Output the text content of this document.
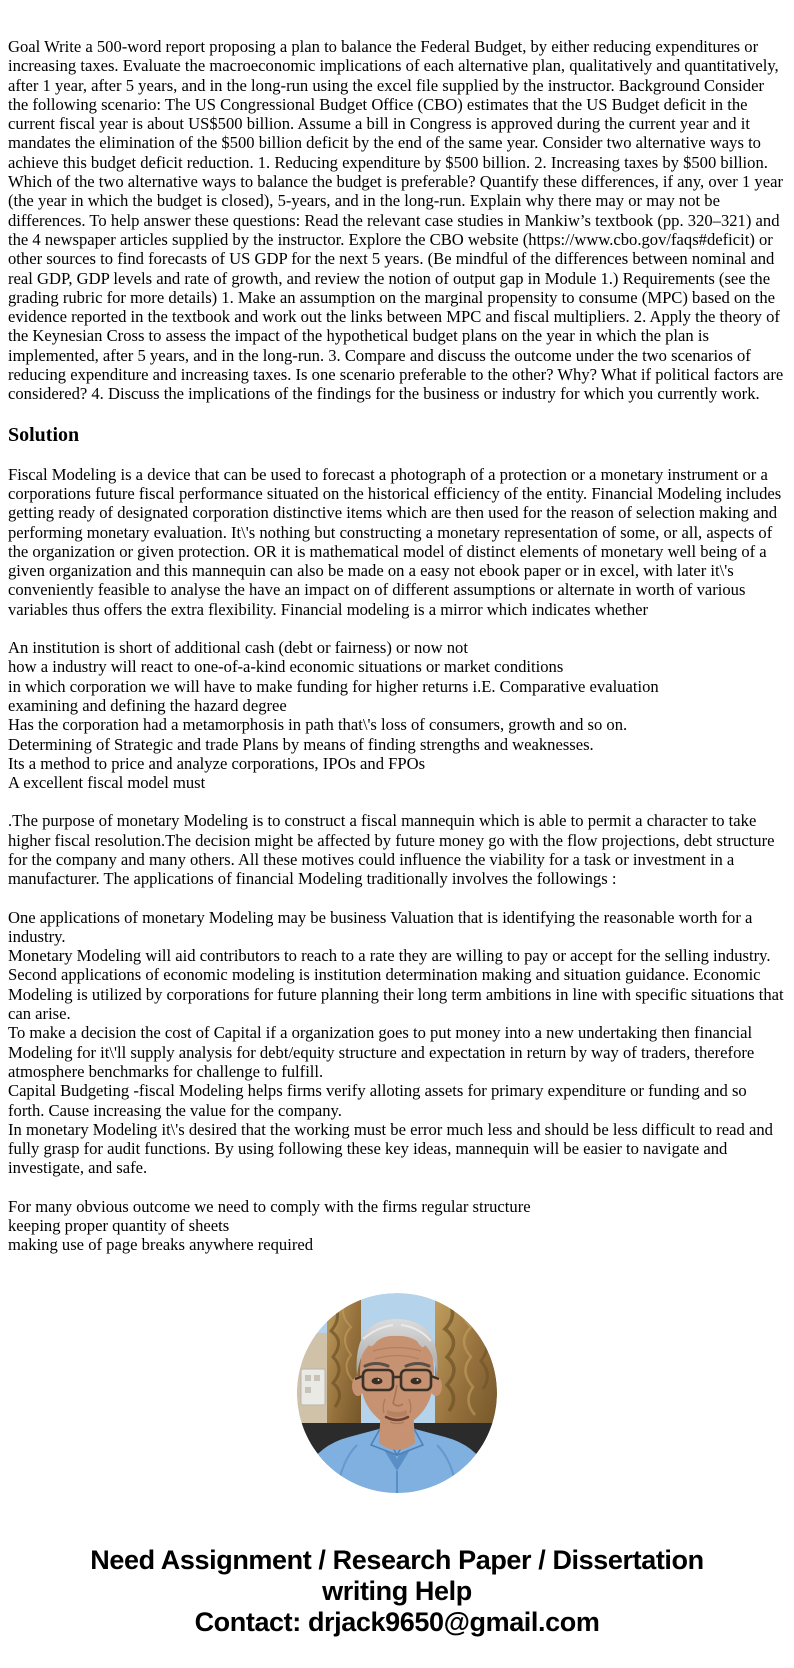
Goal Write a 500-word report proposing a plan to balance the Federal Budget, by either reducing expenditures or increasing taxes. Evaluate the macroeconomic implications of each alternative plan, qualitatively and quantitatively, after 1 year, after 5 years, and in the long-run using the excel file supplied by the instructor. Background Consider the following scenario: The US Congressional Budget Office (CBO) estimates that the US Budget deficit in the current fiscal year is about US$500 billion. Assume a bill in Congress is approved during the current year and it mandates the elimination of the $500 billion deficit by the end of the same year. Consider two alternative ways to achieve this budget deficit reduction. 1. Reducing expenditure by $500 billion. 2. Increasing taxes by $500 billion. Which of the two alternative ways to balance the budget is preferable? Quantify these differences, if any, over 1 year (the year in which the budget is closed), 5-years, and in the long-run. Explain why there may or may not be differences. To help answer these questions: Read the relevant case studies in Mankiw’s textbook (pp. 320–321) and the 4 newspaper articles supplied by the instructor. Explore the CBO website (https://www.cbo.gov/faqs#deficit) or other sources to find forecasts of US GDP for the next 5 years. (Be mindful of the differences between nominal and real GDP, GDP levels and rate of growth, and review the notion of output gap in Module 1.) Requirements (see the grading rubric for more details) 1. Make an assumption on the marginal propensity to consume (MPC) based on the evidence reported in the textbook and work out the links between MPC and fiscal multipliers. 2. Apply the theory of the Keynesian Cross to assess the impact of the hypothetical budget plans on the year in which the plan is implemented, after 5 years, and in the long-run. 3. Compare and discuss the outcome under the two scenarios of reducing expenditure and increasing taxes. Is one scenario preferable to the other? Why? What if political factors are considered? 4. Discuss the implications of the findings for the business or industry for which you currently work.

Solution

Fiscal Modeling is a device that can be used to forecast a photograph of a protection or a monetary instrument or a corporations future fiscal performance situated on the historical efficiency of the entity. Financial Modeling includes getting ready of designated corporation distinctive items which are then used for the reason of selection making and performing monetary evaluation. It\'s nothing but constructing a monetary representation of some, or all, aspects of the organization or given protection. OR it is mathematical model of distinct elements of monetary well being of a given organization and this mannequin can also be made on a easy not ebook paper or in excel, with later it\'s conveniently feasible to analyse the have an impact on of different assumptions or alternate in worth of various variables thus offers the extra flexibility. Financial modeling is a mirror which indicates whether

An institution is short of additional cash (debt or fairness) or now not
how a industry will react to one-of-a-kind economic situations or market conditions
in which corporation we will have to make funding for higher returns i.E. Comparative evaluation
examining and defining the hazard degree
Has the corporation had a metamorphosis in path that\'s loss of consumers, growth and so on.
Determining of Strategic and trade Plans by means of finding strengths and weaknesses.
Its a method to price and analyze corporations, IPOs and FPOs
A excellent fiscal model must

.The purpose of monetary Modeling is to construct a fiscal mannequin which is able to permit a character to take higher fiscal resolution.The decision might be affected by future money go with the flow projections, debt structure for the company and many others. All these motives could influence the viability for a task or investment in a manufacturer. The applications of financial Modeling traditionally involves the followings :

One applications of monetary Modeling may be business Valuation that is identifying the reasonable worth for a industry.
Monetary Modeling will aid contributors to reach to a rate they are willing to pay or accept for the selling industry.
Second applications of economic modeling is institution determination making and situation guidance. Economic Modeling is utilized by corporations for future planning their long term ambitions in line with specific situations that can arise.
To make a decision the cost of Capital if a organization goes to put money into a new undertaking then financial Modeling for it\'ll supply analysis for debt/equity structure and expectation in return by way of traders, therefore atmosphere benchmarks for challenge to fulfill.
Capital Budgeting -fiscal Modeling helps firms verify alloting assets for primary expenditure or funding and so forth. Cause increasing the value for the company.
In monetary Modeling it\'s desired that the working must be error much less and should be less difficult to read and fully grasp for audit functions. By using following these key ideas, mannequin will be easier to navigate and investigate, and safe.
For many obvious outcome we need to comply with the firms regular structure
keeping proper quantity of sheets
making use of page breaks anywhere required
Need Assignment / Research Paper / Dissertation
writing Help
Contact: drjack9650@gmail.com
